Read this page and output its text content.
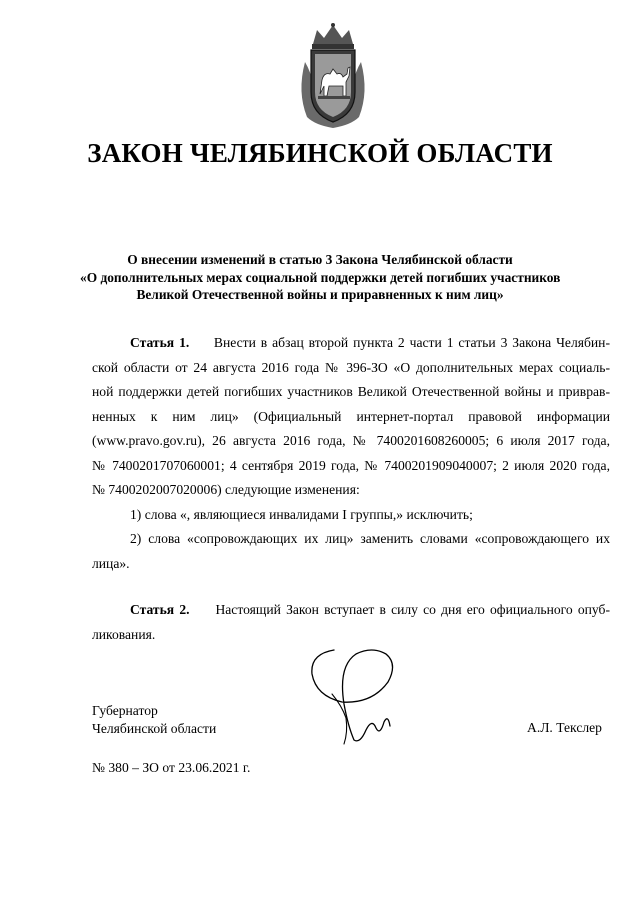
ЗАКОН ЧЕЛЯБИНСКОЙ ОБЛАСТИ
О внесении изменений в статью 3 Закона Челябинской области
«О дополнительных мерах социальной поддержки детей погибших участников
Великой Отечественной войны и приравненных к ним лиц»
Статья 1. Внести в абзац второй пункта 2 части 1 статьи 3 Закона Челябин-
ской области от 24 августа 2016 года № 396-ЗО «О дополнительных мерах социаль-
ной поддержки детей погибших участников Великой Отечественной войны и приврав-
ненных к ним лиц» (Официальный интернет-портал правовой информации
(www.pravo.gov.ru), 26 августа 2016 года, № 7400201608260005; 6 июля 2017 года,
№ 7400201707060001; 4 сентября 2019 года, № 7400201909040007; 2 июля 2020 года,
№ 7400202007020006) следующие изменения:
1) слова «, являющиеся инвалидами I группы,» исключить;
2) слова «сопровождающих их лиц» заменить словами «сопровождающего их
лица».
Статья 2. Настоящий Закон вступает в силу со дня его официального опуб-
ликования.
Губернатор
Челябинской области	А.Л. Текслер
№ 380 – ЗО от 23.06.2021 г.
